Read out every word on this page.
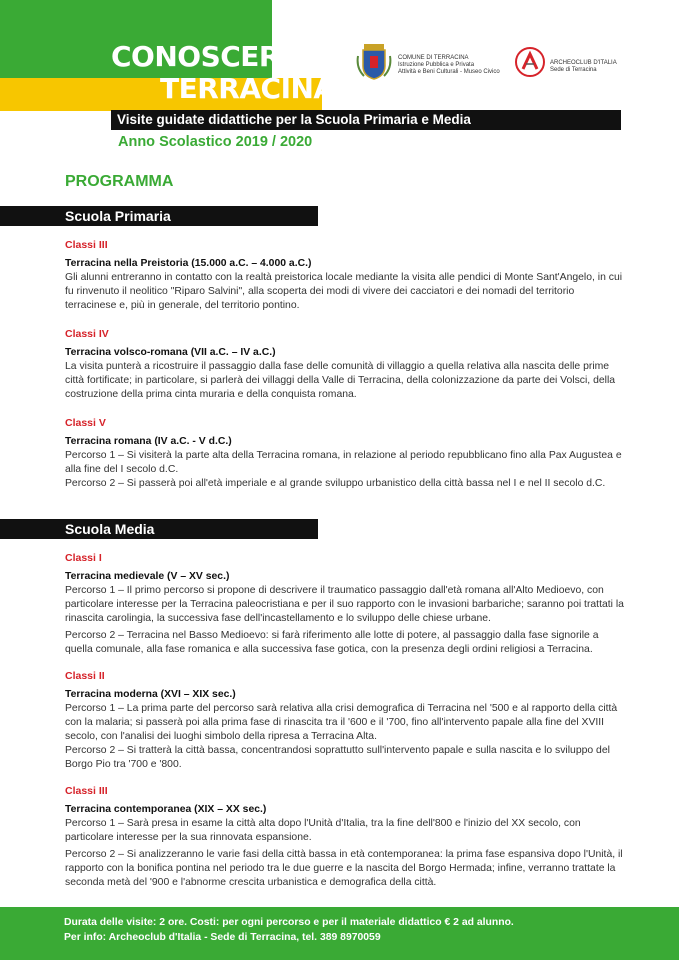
CONOSCERE
TERRACINA
COMUNE DI TERRACINA
Istruzione Pubblica e Privata
Attività e Beni Culturali - Museo Civico
ARCHEOCLUB D'ITALIA
Sede di Terracina
Visite guidate didattiche per la Scuola Primaria e Media
Anno Scolastico 2019 / 2020
PROGRAMMA
Scuola Primaria
Classi III
Terracina nella Preistoria (15.000 a.C. – 4.000 a.C.)
Gli alunni entreranno in contatto con la realtà preistorica locale mediante la visita alle pendici di Monte Sant'Angelo, in cui fu rinvenuto il neolitico "Riparo Salvini", alla scoperta dei modi di vivere dei cacciatori e dei nomadi del territorio terracinese e, più in generale, del territorio pontino.
Classi IV
Terracina volsco-romana (VII a.C. – IV a.C.)
La visita punterà a ricostruire il passaggio dalla fase delle comunità di villaggio a quella relativa alla nascita delle prime città fortificate; in particolare, si parlerà dei villaggi della Valle di Terracina, della colonizzazione da parte dei Volsci, della costruzione della prima cinta muraria e della conquista romana.
Classi V
Terracina romana (IV a.C. - V d.C.)
Percorso 1 – Si visiterà la parte alta della Terracina romana, in relazione al periodo repubblicano fino alla Pax Augustea e alla fine del I secolo d.C.
Percorso 2 – Si passerà poi all'età imperiale e al grande sviluppo urbanistico della città bassa nel I e nel II secolo d.C.
Scuola Media
Classi I
Terracina medievale (V – XV sec.)
Percorso 1 – Il primo percorso si propone di descrivere il traumatico passaggio dall'età romana all'Alto Medioevo, con particolare interesse per la Terracina paleocristiana e per il suo rapporto con le invasioni barbariche; saranno poi trattati la rinascita carolingia, la successiva fase dell'incastellamento e lo sviluppo delle chiese urbane.
Percorso 2 – Terracina nel Basso Medioevo: si farà riferimento alle lotte di potere, al passaggio dalla fase signorile a quella comunale, alla fase romanica e alla successiva fase gotica, con la presenza degli ordini religiosi a Terracina.
Classi II
Terracina moderna (XVI – XIX sec.)
Percorso 1 – La prima parte del percorso sarà relativa alla crisi demografica di Terracina nel '500 e al rapporto della città con la malaria; si passerà poi alla prima fase di rinascita tra il '600 e il '700, fino all'intervento papale alla fine del XVIII secolo, con l'analisi dei luoghi simbolo della ripresa a Terracina Alta.
Percorso 2 – Si tratterà la città bassa, concentrandosi soprattutto sull'intervento papale e sulla nascita e lo sviluppo del Borgo Pio tra '700 e '800.
Classi III
Terracina contemporanea (XIX – XX sec.)
Percorso 1 – Sarà presa in esame la città alta dopo l'Unità d'Italia, tra la fine dell'800 e l'inizio del XX secolo, con particolare interesse per la sua rinnovata espansione.
Percorso 2 – Si analizzeranno le varie fasi della città bassa in età contemporanea: la prima fase espansiva dopo l'Unità, il rapporto con la bonifica pontina nel periodo tra le due guerre e la nascita del Borgo Hermada; infine, verranno trattate la seconda metà del '900 e l'abnorme crescita urbanistica e demografica della città.
Durata delle visite: 2 ore. Costi: per ogni percorso e per il materiale didattico € 2 ad alunno.
Per info: Archeoclub d'Italia - Sede di Terracina, tel. 389 8970059
